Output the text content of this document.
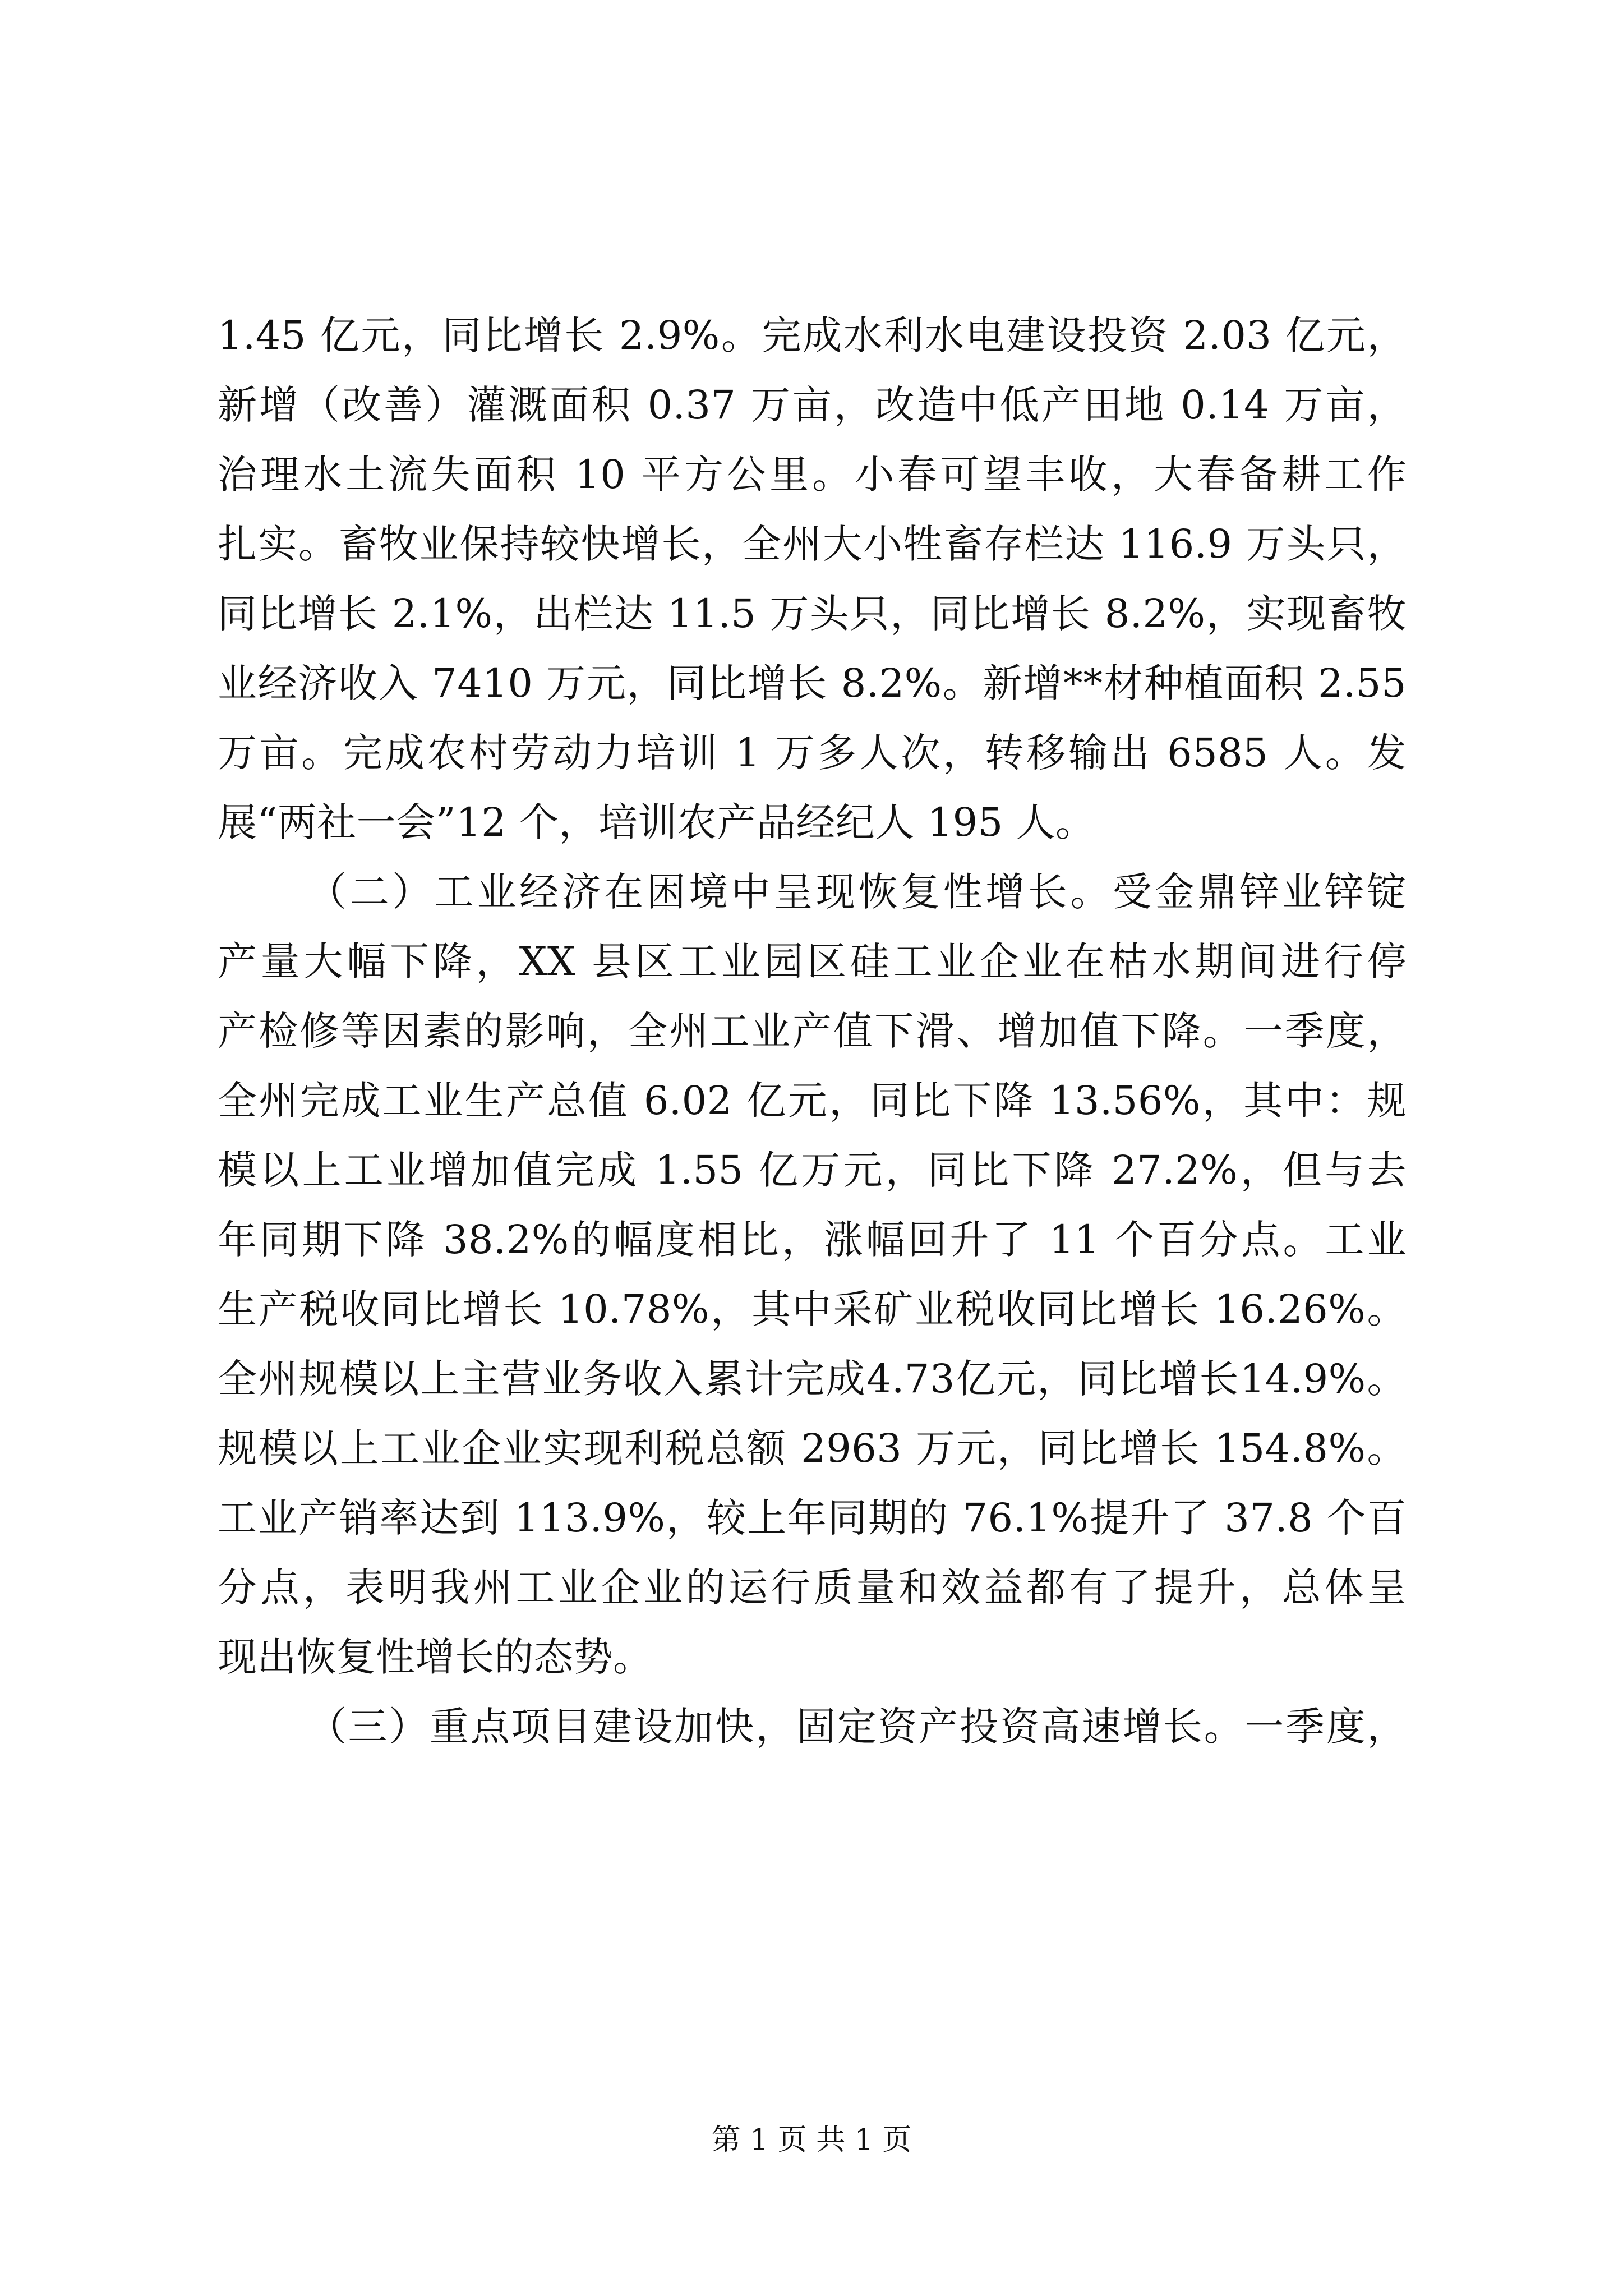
1.45 亿元，同比增长 2.9%。完成水利水电建设投资 2.03 亿元，
新增（改善）灌溉面积 0.37 万亩，改造中低产田地 0.14 万亩，
治理水土流失面积 10 平方公里。小春可望丰收，大春备耕工作
扎实。畜牧业保持较快增长，全州大小牲畜存栏达 116.9 万头只，
同比增长 2.1%，出栏达 11.5 万头只，同比增长 8.2%，实现畜牧
业经济收入 7410 万元，同比增长 8.2%。新增**材种植面积 2.55
万亩。完成农村劳动力培训 1 万多人次，转移输出 6585 人。发
展“两社一会”12 个，培训农产品经纪人 195 人。
（二）工业经济在困境中呈现恢复性增长。受金鼎锌业锌锭
产量大幅下降，XX 县区工业园区硅工业企业在枯水期间进行停
产检修等因素的影响，全州工业产值下滑、增加值下降。一季度，
全州完成工业生产总值 6.02 亿元，同比下降 13.56%，其中：规
模以上工业增加值完成 1.55 亿万元，同比下降 27.2%，但与去
年同期下降 38.2%的幅度相比，涨幅回升了 11 个百分点。工业
生产税收同比增长 10.78%，其中采矿业税收同比增长 16.26%。
全州规模以上主营业务收入累计完成4.73亿元，同比增长14.9%。
规模以上工业企业实现利税总额 2963 万元，同比增长 154.8%。
工业产销率达到 113.9%，较上年同期的 76.1%提升了 37.8 个百
分点，表明我州工业企业的运行质量和效益都有了提升，总体呈
现出恢复性增长的态势。
（三）重点项目建设加快，固定资产投资高速增长。一季度，
第 1 页 共 1 页
